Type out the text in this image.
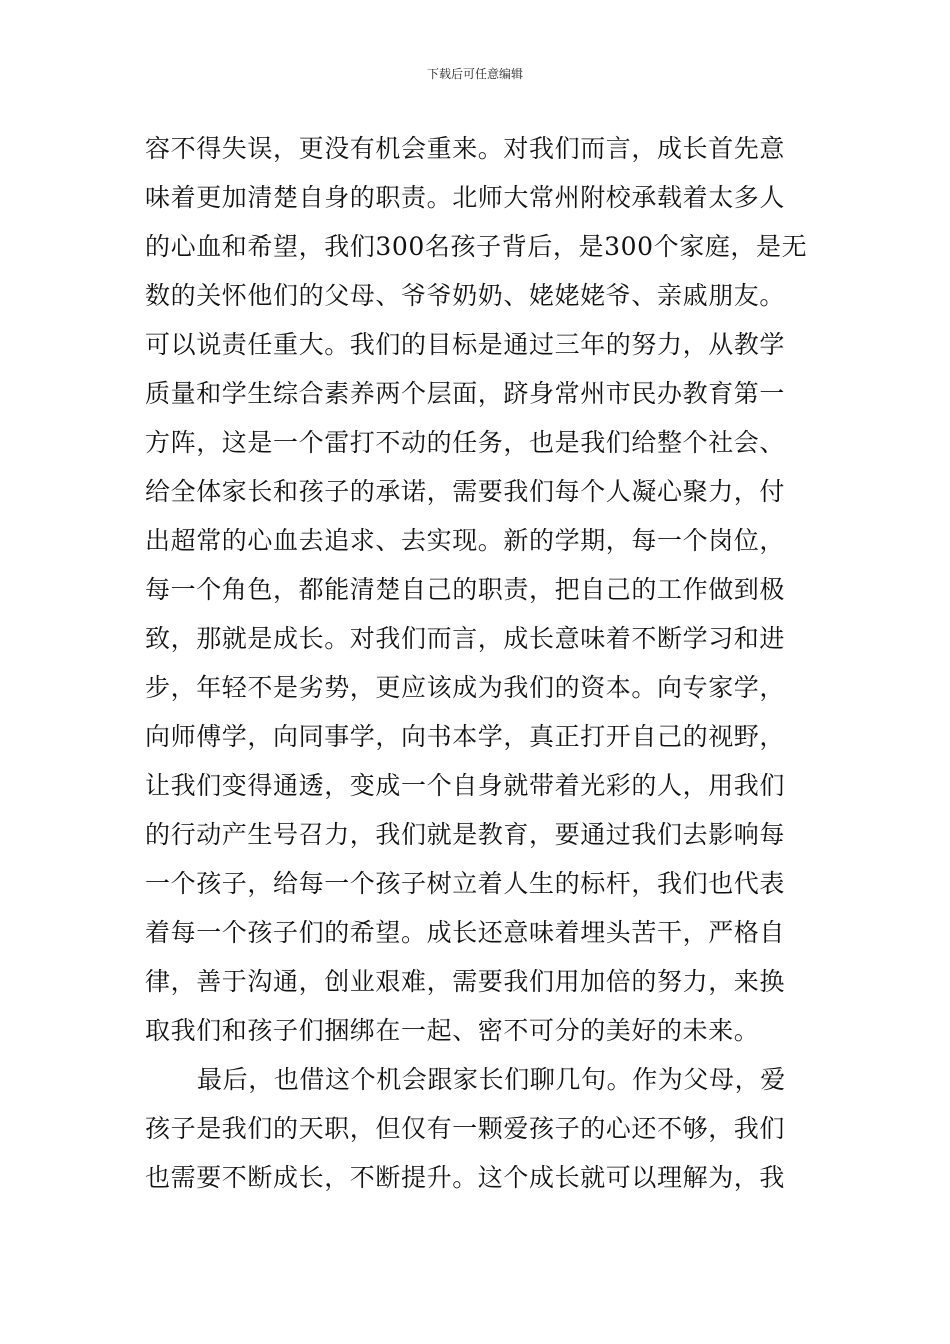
下载后可任意编辑
容不得失误，更没有机会重来。对我们而言，成长首先意
味着更加清楚自身的职责。北师大常州附校承载着太多人
的心血和希望，我们300名孩子背后，是300个家庭，是无
数的关怀他们的父母、爷爷奶奶、姥姥姥爷、亲戚朋友。
可以说责任重大。我们的目标是通过三年的努力，从教学
质量和学生综合素养两个层面，跻身常州市民办教育第一
方阵，这是一个雷打不动的任务，也是我们给整个社会、
给全体家长和孩子的承诺，需要我们每个人凝心聚力，付
出超常的心血去追求、去实现。新的学期，每一个岗位，
每一个角色，都能清楚自己的职责，把自己的工作做到极
致，那就是成长。对我们而言，成长意味着不断学习和进
步，年轻不是劣势，更应该成为我们的资本。向专家学，
向师傅学，向同事学，向书本学，真正打开自己的视野，
让我们变得通透，变成一个自身就带着光彩的人，用我们
的行动产生号召力，我们就是教育，要通过我们去影响每
一个孩子，给每一个孩子树立着人生的标杆，我们也代表
着每一个孩子们的希望。成长还意味着埋头苦干，严格自
律，善于沟通，创业艰难，需要我们用加倍的努力，来换
取我们和孩子们捆绑在一起、密不可分的美好的未来。
最后，也借这个机会跟家长们聊几句。作为父母，爱
孩子是我们的天职，但仅有一颗爱孩子的心还不够，我们
也需要不断成长，不断提升。这个成长就可以理解为，我
